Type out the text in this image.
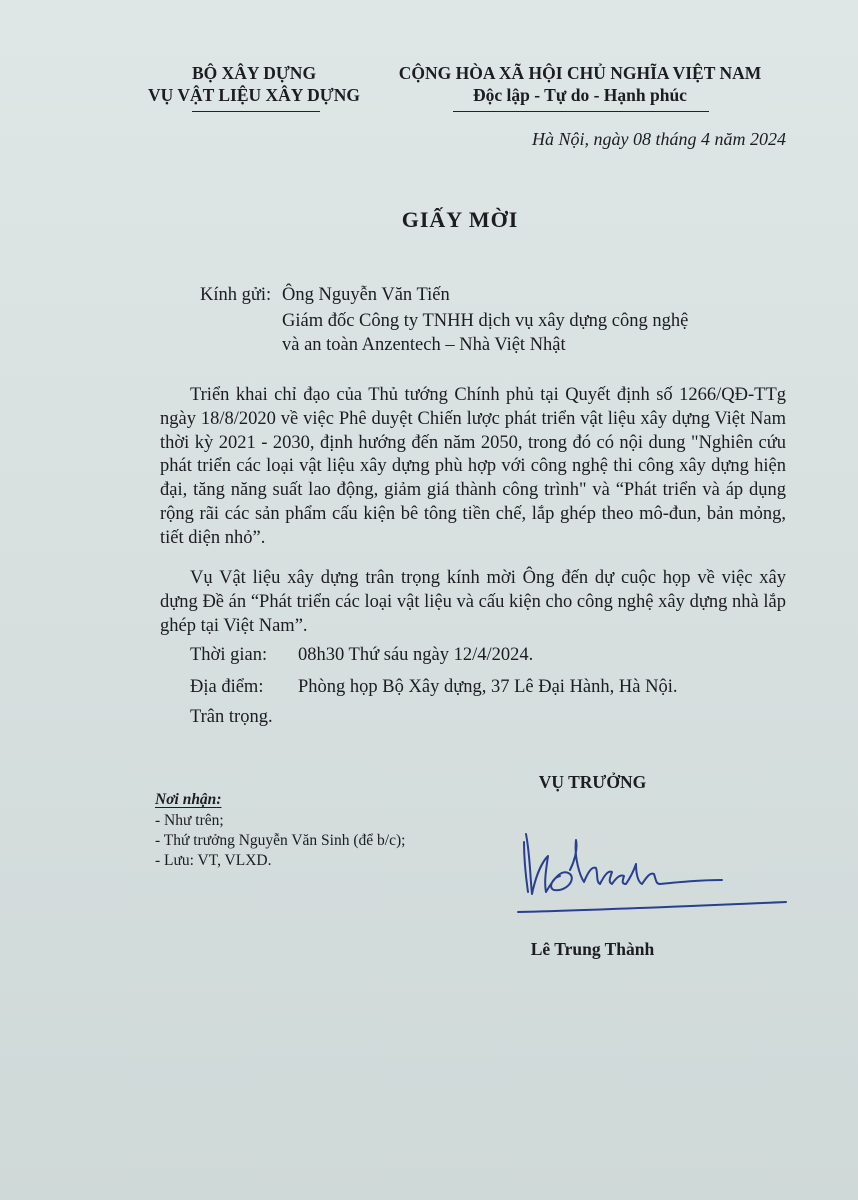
BỘ XÂY DỰNG
VỤ VẬT LIỆU XÂY DỰNG
CỘNG HÒA XÃ HỘI CHỦ NGHĨA VIỆT NAM
Độc lập - Tự do - Hạnh phúc
Hà Nội, ngày 08 tháng 4 năm 2024
GIẤY MỜI
Kính gửi: Ông Nguyễn Văn Tiến
Giám đốc Công ty TNHH dịch vụ xây dựng công nghệ
và an toàn Anzentech – Nhà Việt Nhật

Triển khai chỉ đạo của Thủ tướng Chính phủ tại Quyết định số 1266/QĐ-TTg ngày 18/8/2020 về việc Phê duyệt Chiến lược phát triển vật liệu xây dựng Việt Nam thời kỳ 2021 - 2030, định hướng đến năm 2050, trong đó có nội dung "Nghiên cứu phát triển các loại vật liệu xây dựng phù hợp với công nghệ thi công xây dựng hiện đại, tăng năng suất lao động, giảm giá thành công trình" và “Phát triển và áp dụng rộng rãi các sản phẩm cấu kiện bê tông tiền chế, lắp ghép theo mô-đun, bản mỏng, tiết diện nhỏ”.

Vụ Vật liệu xây dựng trân trọng kính mời Ông đến dự cuộc họp về việc xây dựng Đề án “Phát triển các loại vật liệu và cấu kiện cho công nghệ xây dựng nhà lắp ghép tại Việt Nam”.

Thời gian: 08h30 Thứ sáu ngày 12/4/2024.
Địa điểm: Phòng họp Bộ Xây dựng, 37 Lê Đại Hành, Hà Nội.
Trân trọng.
Nơi nhận:
- Như trên;
- Thứ trưởng Nguyễn Văn Sinh (để b/c);
- Lưu: VT, VLXD.
VỤ TRƯỞNG
Lê Trung Thành
